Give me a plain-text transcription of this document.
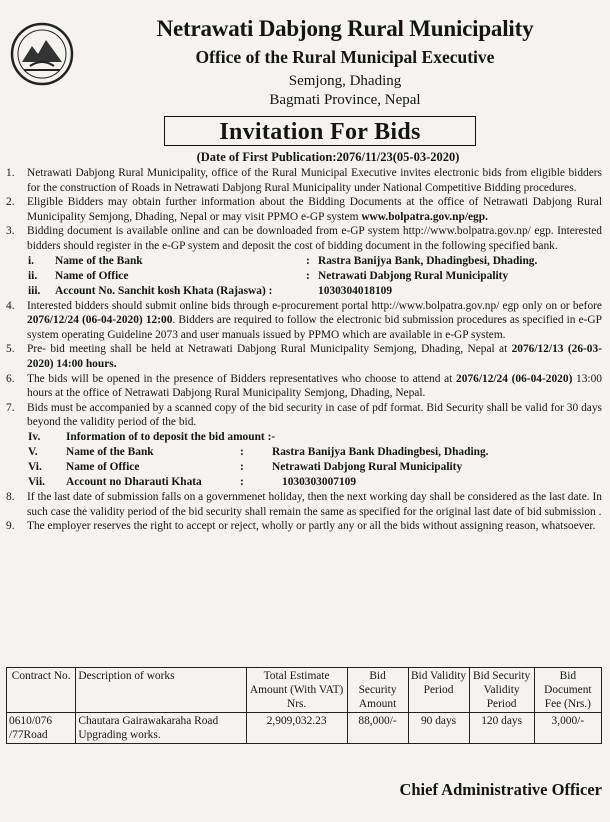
Netrawati Dabjong Rural Municipality
Office of the Rural Municipal Executive
Semjong, Dhading
Bagmati Province, Nepal
Invitation For Bids
(Date of First Publication:2076/11/23(05-03-2020)

1. Netrawati Dabjong Rural Municipality, office of the Rural Municipal Executive invites electronic bids from eligible bidders for the construction of Roads in Netrawati Dabjong Rural Municipality under National Competitive Bidding procedures.

2. Eligible Bidders may obtain further information about the Bidding Documents at the office of Netrawati Dabjong Rural Municipality Semjong, Dhading, Nepal or may visit PPMO e-GP system www.bolpatra.gov.np/egp.

3. Bidding document is available online and can be downloaded from e-GP system http://www.bolpatra.gov.np/ egp. Interested bidders should register in the e-GP system and deposit the cost of bidding document in the following specified bank.

i. Name of the Bank	: Rastra Banijya Bank, Dhadingbesi, Dhading.
ii. Name of Office	: Netrawati Dabjong Rural Municipality
iii. Account No. Sanchit kosh Khata (Rajaswa) :	1030304018109

4. Interested bidders should submit online bids through e-procurement portal http://www.bolpatra.gov.np/ egp only on or before 2076/12/24 (06-04-2020) 12:00. Bidders are required to follow the electronic bid submission procedures as specified in e-GP system operating Guideline 2073 and user manuals issued by PPMO which are available in e-GP system.

5. Pre- bid meeting shall be held at Netrawati Dabjong Rural Municipality Semjong, Dhading, Nepal at 2076/12/13 (26-03-2020) 14:00 hours.

6. The bids will be opened in the presence of Bidders representatives who choose to attend at 2076/12/24 (06-04-2020) 13:00 hours at the office of Netrawati Dabjong Rural Municipality Semjong, Dhading, Nepal.

7. Bids must be accompanied by a scanned copy of the bid security in case of pdf format. Bid Security shall be valid for 30 days beyond the validity period of the bid.

Iv. Information of to deposit the bid amount :-
V. Name of the Bank	: Rastra Banijya Bank Dhadingbesi, Dhading.
Vi. Name of Office	: Netrawati Dabjong Rural Municipality
Vii. Account no Dharauti Khata	:	1030303007109

8. If the last date of submission falls on a governmenet holiday, then the next working day shall be considered as the last date. In such case the validity period of the bid security shall remain the same as specified for the original last date of bid submission .

9. The employer reserves the right to accept or reject, wholly or partly any or all the bids without assigning reason, whatsoever.

Contract No.	Description of works	Total Estimate Amount (With VAT) Nrs.	Bid Security Amount	Bid Validity Period	Bid Security Validity Period	Bid Document Fee (Nrs.)
0610/076 /77Road	Chautara Gairawakaraha Road Upgrading works.	2,909,032.23	88,000/-	90 days	120 days	3,000/-
Chief Administrative Officer
